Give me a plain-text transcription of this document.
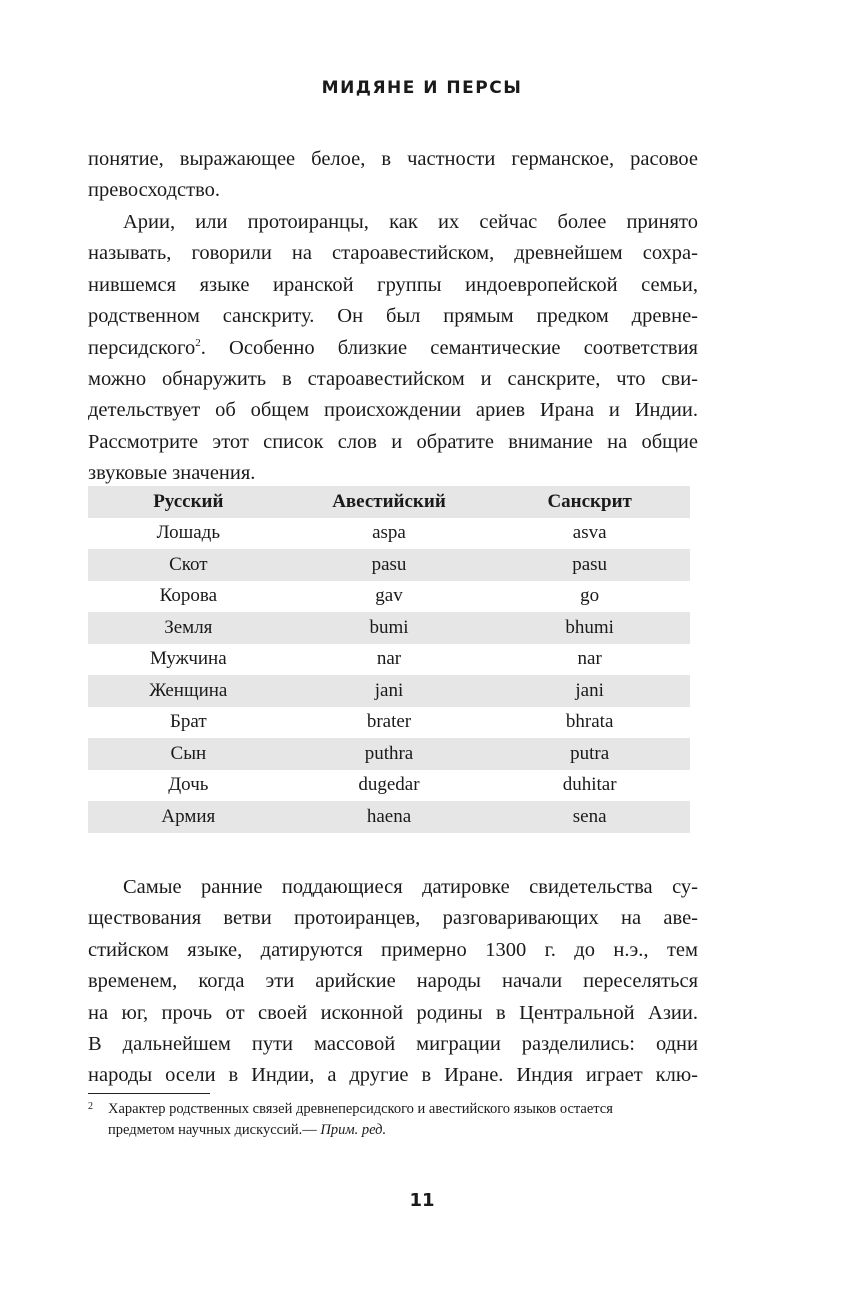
МИДЯНЕ И ПЕРСЫ
понятие, выражающее белое, в частности германское, расовое
превосходство.
Арии, или протоиранцы, как их сейчас более принято
называть, говорили на староавестийском, древнейшем сохра-
нившемся языке иранской группы индоевропейской семьи,
родственном санскриту. Он был прямым предком древне-
персидского$^2$. Особенно близкие семантические соответствия
можно обнаружить в староавестийском и санскрите, что сви-
детельствует об общем происхождении ариев Ирана и Индии.
Рассмотрите этот список слов и обратите внимание на общие
звуковые значения.
Русский	Авестийский	Санскрит
Лошадь	aspa	asva
Скот	pasu	pasu
Корова	gav	go
Земля	bumi	bhumi
Мужчина	nar	nar
Женщина	jani	jani
Брат	brater	bhrata
Сын	puthra	putra
Дочь	dugedar	duhitar
Армия	haena	sena
Самые ранние поддающиеся датировке свидетельства су-
ществования ветви протоиранцев, разговаривающих на аве-
стийском языке, датируются примерно 1300 г. до н.э., тем
временем, когда эти арийские народы начали переселяться
на юг, прочь от своей исконной родины в Центральной Азии.
В дальнейшем пути массовой миграции разделились: одни
народы осели в Индии, а другие в Иране. Индия играет клю-
2	Характер родственных связей древнеперсидского и авестийского языков остается
предметом научных дискуссий.— Прим. ред.
11
